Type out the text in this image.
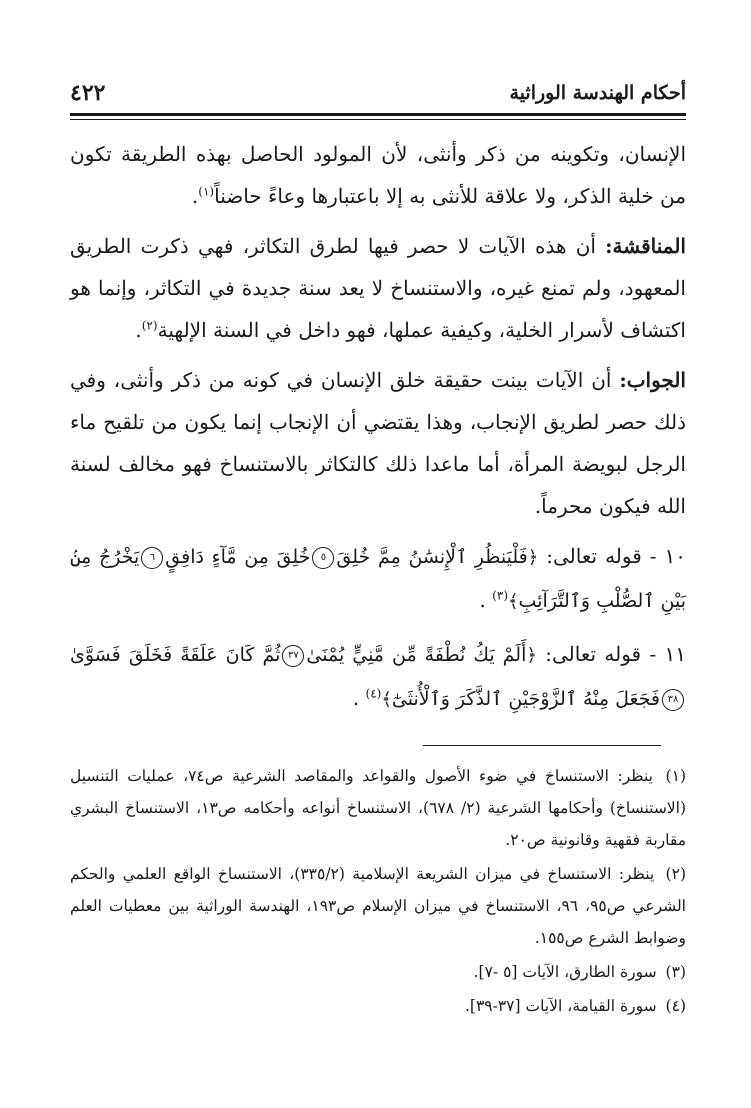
أحكام الهندسة الوراثية
٤٢٢

الإنسان، وتكوينه من ذكر وأنثى، لأن المولود الحاصل بهذه الطريقة تكون من خلية الذكر، ولا علاقة للأنثى به إلا باعتبارها وعاءً حاضناً$^{(١)}$.

المناقشة: أن هذه الآيات لا حصر فيها لطرق التكاثر، فهي ذكرت الطريق المعهود، ولم تمنع غيره، والاستنساخ لا يعد سنة جديدة في التكاثر، وإنما هو اكتشاف لأسرار الخلية، وكيفية عملها، فهو داخل في السنة الإلهية$^{(٢)}$.

الجواب: أن الآيات بينت حقيقة خلق الإنسان في كونه من ذكر وأنثى، وفي ذلك حصر لطريق الإنجاب، وهذا يقتضي أن الإنجاب إنما يكون من تلقيح ماء الرجل لبويضة المرأة، أما ماعدا ذلك كالتكاثر بالاستنساخ فهو مخالف لسنة الله فيكون محرماً.

١٠ - قوله تعالى: ﴿فَلْيَنظُرِ ٱلْإِنسَٰنُ مِمَّ خُلِقَ٥خُلِقَ مِن مَّآءٍ دَافِقٍ٦يَخْرُجُ مِنۢ بَيْنِ ٱلصُّلْبِ وَٱلتَّرَآئِبِ﴾$^{(٣)}$ .
١١ - قوله تعالى: ﴿أَلَمْ يَكُ نُطْفَةً مِّن مَّنِيٍّ يُمْنَىٰ٣٧ثُمَّ كَانَ عَلَقَةً فَخَلَقَ فَسَوَّىٰ٣٨فَجَعَلَ مِنْهُ ٱلزَّوْجَيْنِ ٱلذَّكَرَ وَٱلْأُنثَىٰٓ﴾$^{(٤)}$ .
(١) ينظر: الاستنساخ في ضوء الأصول والقواعد والمقاصد الشرعية ص٧٤، عمليات التنسيل (الاستنساخ) وأحكامها الشرعية (٢/ ٦٧٨)، الاستنساخ أنواعه وأحكامه ص١٣، الاستنساخ البشري مقاربة فقهية وقانونية ص٢٠.
(٢) ينظر: الاستنساخ في ميزان الشريعة الإسلامية (٣٣٥/٢)، الاستنساخ الواقع العلمي والحكم الشرعي ص٩٥، ٩٦، الاستنساخ في ميزان الإسلام ص١٩٣، الهندسة الوراثية بين معطيات العلم وضوابط الشرع ص١٥٥.
(٣) سورة الطارق، الآيات [٥ -٧].
(٤) سورة القيامة، الآيات [٣٧-٣٩].
